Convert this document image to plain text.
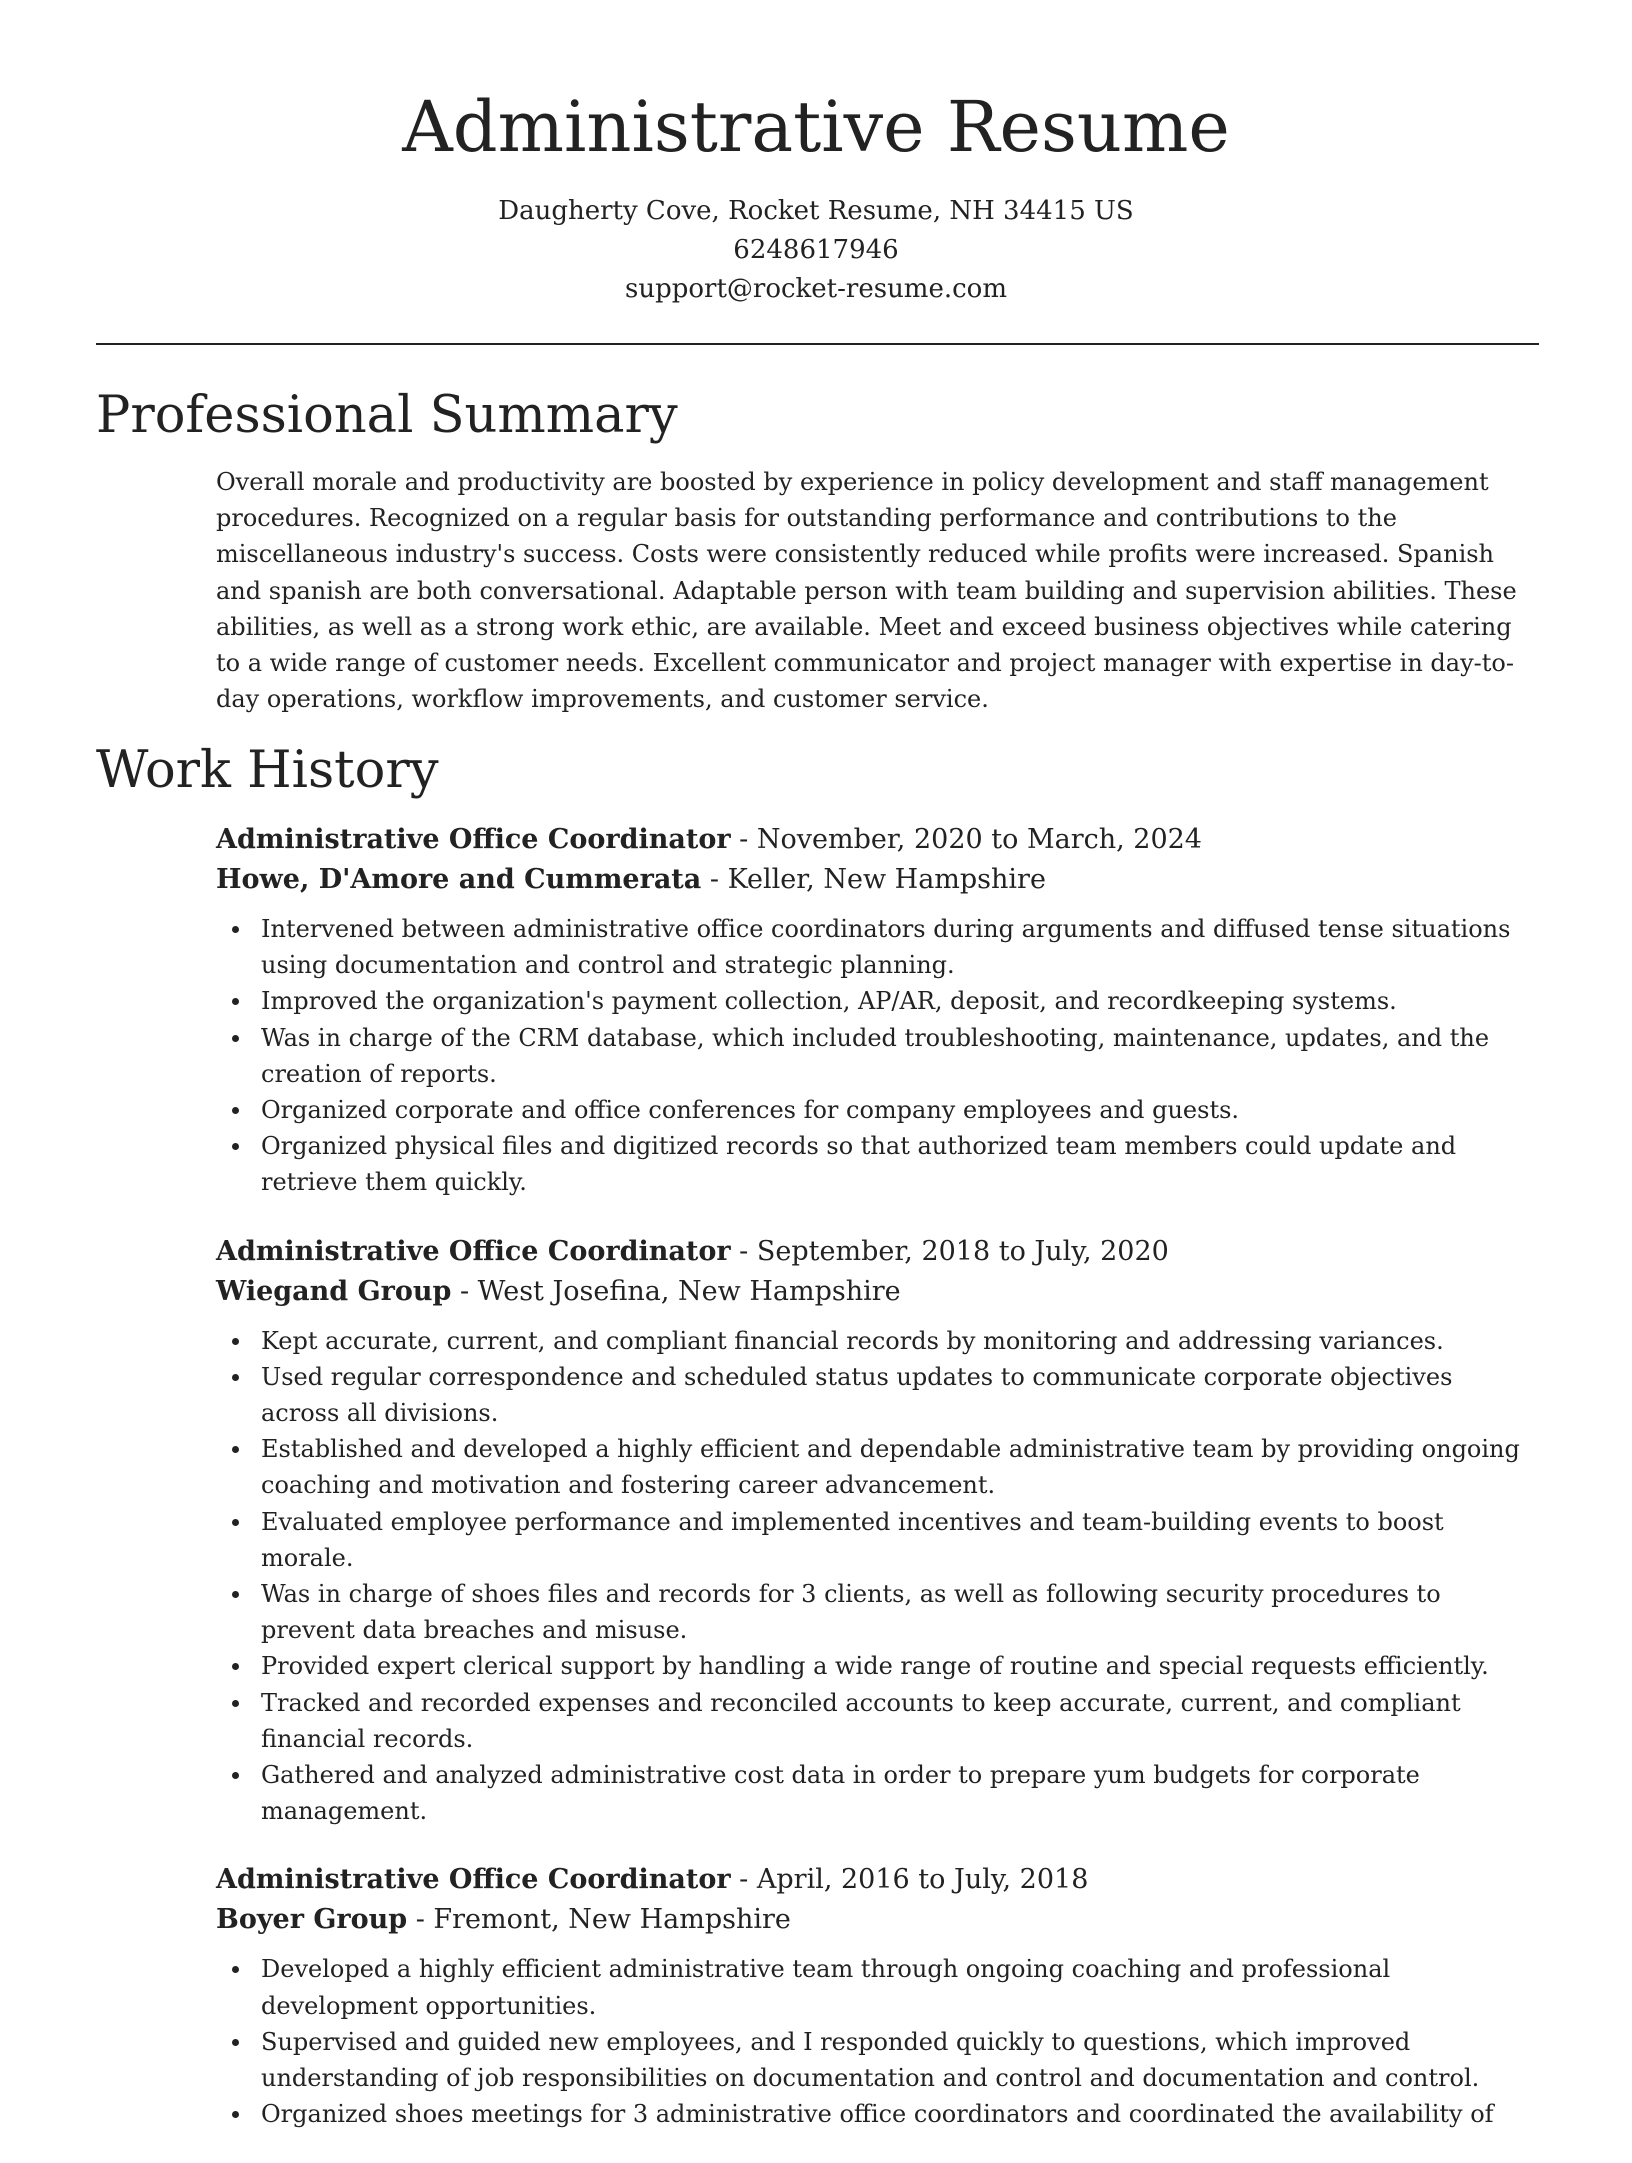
Administrative Resume
Daugherty Cove, Rocket Resume, NH 34415 US
6248617946
support@rocket-resume.com
Professional Summary

Overall morale and productivity are boosted by experience in policy development and staff management procedures. Recognized on a regular basis for outstanding performance and contributions to the miscellaneous industry's success. Costs were consistently reduced while profits were increased. Spanish and spanish are both conversational. Adaptable person with team building and supervision abilities. These abilities, as well as a strong work ethic, are available. Meet and exceed business objectives while catering to a wide range of customer needs. Excellent communicator and project manager with expertise in day-to-day operations, workflow improvements, and customer service.

Work History
Administrative Office Coordinator - November, 2020 to March, 2024
Howe, D'Amore and Cummerata - Keller, New Hampshire
Intervened between administrative office coordinators during arguments and diffused tense situations using documentation and control and strategic planning.
Improved the organization's payment collection, AP/AR, deposit, and recordkeeping systems.
Was in charge of the CRM database, which included troubleshooting, maintenance, updates, and the creation of reports.
Organized corporate and office conferences for company employees and guests.
Organized physical files and digitized records so that authorized team members could update and retrieve them quickly.
Administrative Office Coordinator - September, 2018 to July, 2020
Wiegand Group - West Josefina, New Hampshire
Kept accurate, current, and compliant financial records by monitoring and addressing variances.
Used regular correspondence and scheduled status updates to communicate corporate objectives across all divisions.
Established and developed a highly efficient and dependable administrative team by providing ongoing coaching and motivation and fostering career advancement.
Evaluated employee performance and implemented incentives and team-building events to boost morale.
Was in charge of shoes files and records for 3 clients, as well as following security procedures to prevent data breaches and misuse.
Provided expert clerical support by handling a wide range of routine and special requests efficiently.
Tracked and recorded expenses and reconciled accounts to keep accurate, current, and compliant financial records.
Gathered and analyzed administrative cost data in order to prepare yum budgets for corporate management.
Administrative Office Coordinator - April, 2016 to July, 2018
Boyer Group - Fremont, New Hampshire
Developed a highly efficient administrative team through ongoing coaching and professional development opportunities.
Supervised and guided new employees, and I responded quickly to questions, which improved understanding of job responsibilities on documentation and control and documentation and control.
Organized shoes meetings for 3 administrative office coordinators and coordinated the availability of
